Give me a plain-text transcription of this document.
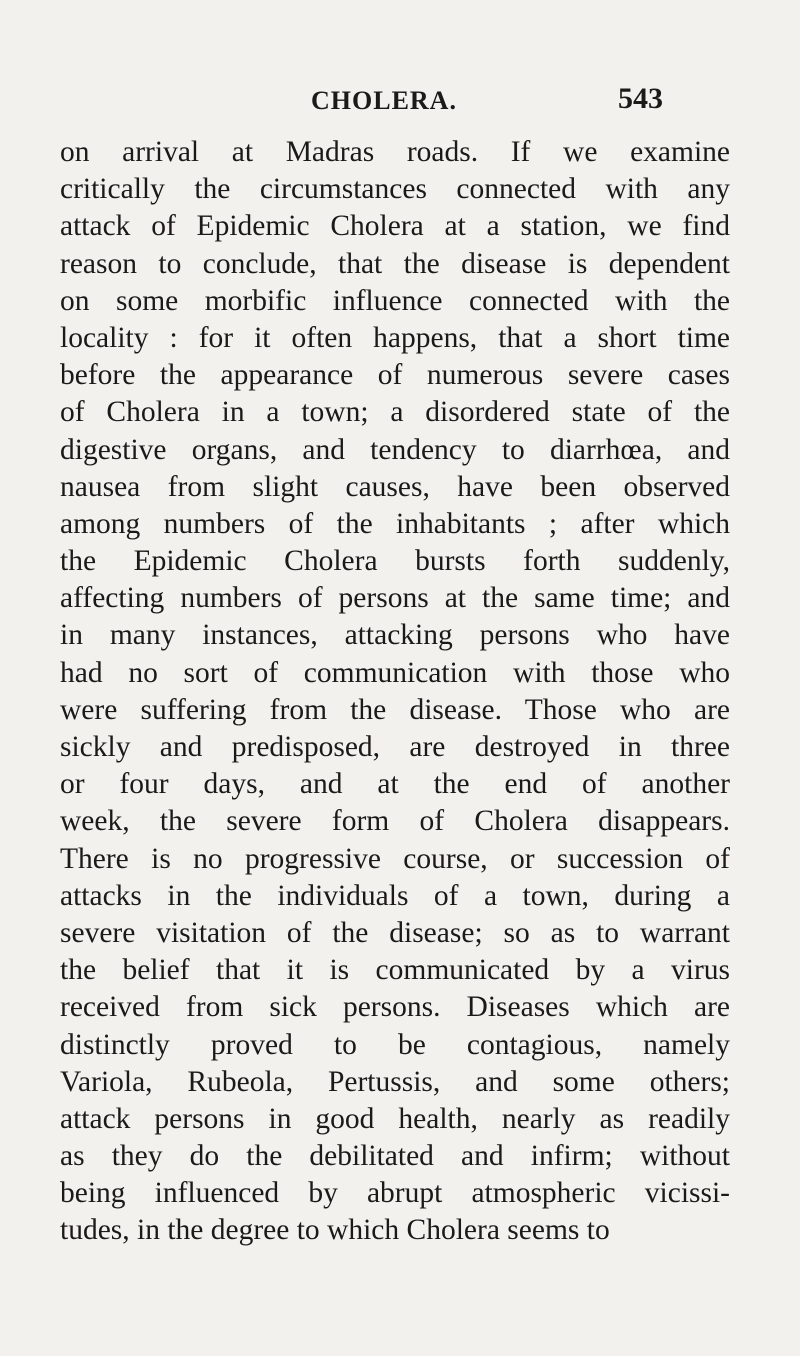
CHOLERA.	543
on arrival at Madras roads. If we examine
critically the circumstances connected with any
attack of Epidemic Cholera at a station, we find
reason to conclude, that the disease is dependent
on some morbific influence connected with the
locality : for it often happens, that a short time
before the appearance of numerous severe cases
of Cholera in a town; a disordered state of the
digestive organs, and tendency to diarrhœa, and
nausea from slight causes, have been observed
among numbers of the inhabitants ; after which
the Epidemic Cholera bursts forth suddenly,
affecting numbers of persons at the same time; and
in many instances, attacking persons who have
had no sort of communication with those who
were suffering from the disease. Those who are
sickly and predisposed, are destroyed in three
or four days, and at the end of another
week, the severe form of Cholera disappears.
There is no progressive course, or succession of
attacks in the individuals of a town, during a
severe visitation of the disease; so as to warrant
the belief that it is communicated by a virus
received from sick persons. Diseases which are
distinctly proved to be contagious, namely
Variola, Rubeola, Pertussis, and some others;
attack persons in good health, nearly as readily
as they do the debilitated and infirm; without
being influenced by abrupt atmospheric vicissi-
tudes, in the degree to which Cholera seems to
